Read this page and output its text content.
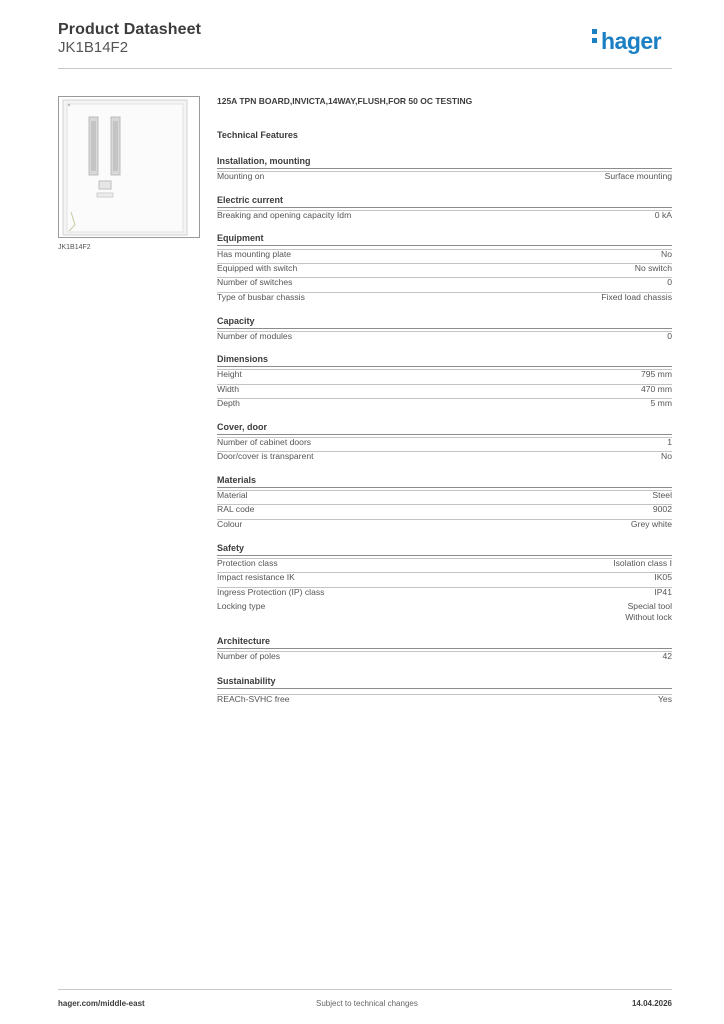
Product Datasheet
JK1B14F2	hager
JK1B14F2
125A TPN BOARD,INVICTA,14WAY,FLUSH,FOR 50 OC TESTING
Technical Features
Installation, mounting
Mounting on	Surface mounting
Electric current
Breaking and opening capacity Idm	0 kA
Equipment
Has mounting plate	No
Equipped with switch	No switch
Number of switches	0
Type of busbar chassis	Fixed load chassis
Capacity
Number of modules	0
Dimensions
Height	795 mm
Width	470 mm
Depth	5 mm
Cover, door
Number of cabinet doors	1
Door/cover is transparent	No
Materials
Material	Steel
RAL code	9002
Colour	Grey white
Safety
Protection class	Isolation class I
Impact resistance IK	IK05
Ingress Protection (IP) class	IP41
Locking type	Special tool
Without lock
Architecture
Number of poles	42
Sustainability
REACh-SVHC free	Yes
hager.com/middle-east	Subject to technical changes	14.04.2026
